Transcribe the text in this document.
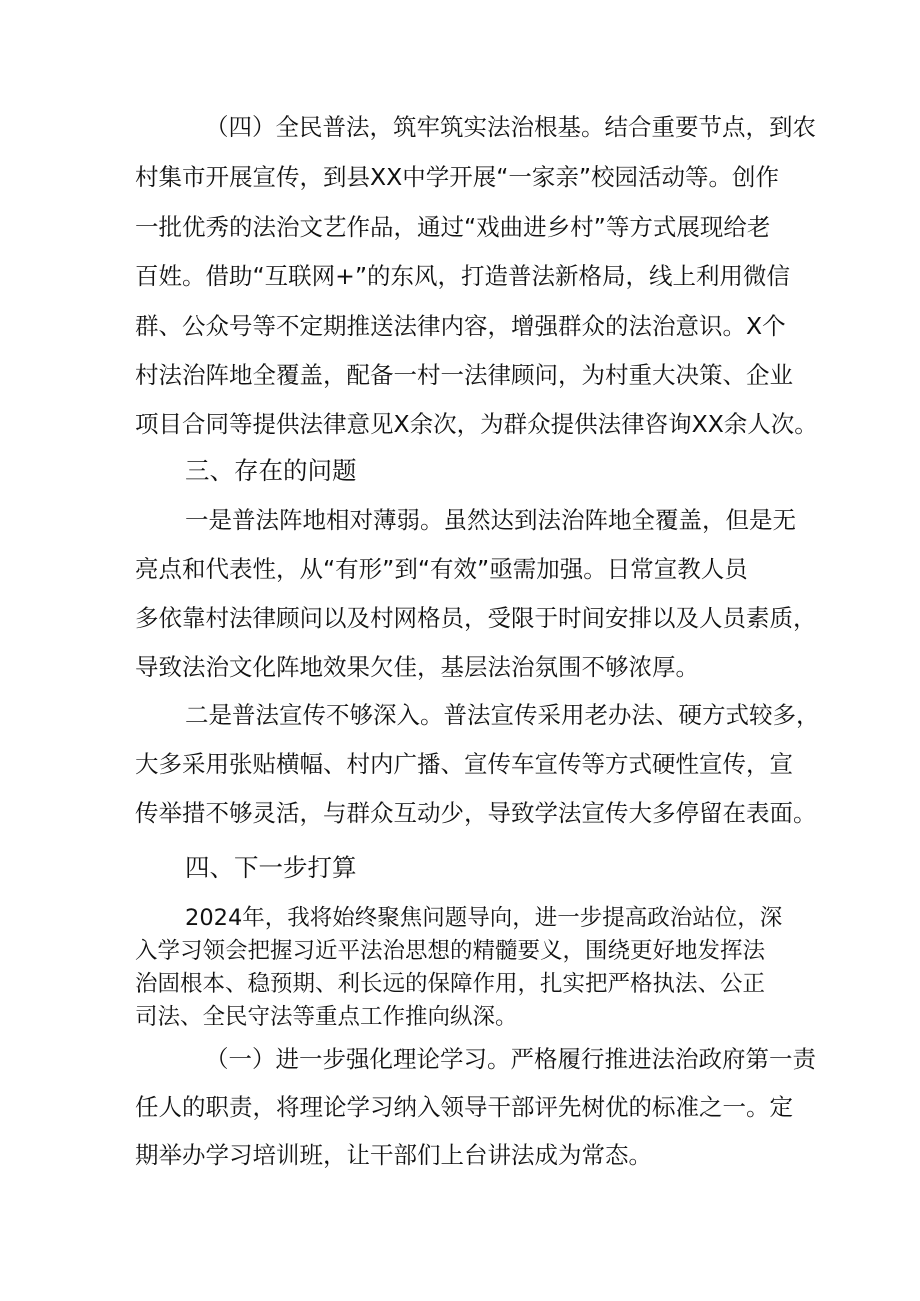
（四）全民普法，筑牢筑实法治根基。结合重要节点，到农
村集市开展宣传，到县XX中学开展“一家亲”校园活动等。创作
一批优秀的法治文艺作品，通过“戏曲进乡村”等方式展现给老
百姓。借助“互联网+”的东风，打造普法新格局，线上利用微信
群、公众号等不定期推送法律内容，增强群众的法治意识。X个
村法治阵地全覆盖，配备一村一法律顾问，为村重大决策、企业
项目合同等提供法律意见X余次，为群众提供法律咨询XX余人次。
三、存在的问题
一是普法阵地相对薄弱。虽然达到法治阵地全覆盖，但是无
亮点和代表性，从“有形”到“有效”亟需加强。日常宣教人员
多依靠村法律顾问以及村网格员，受限于时间安排以及人员素质，
导致法治文化阵地效果欠佳，基层法治氛围不够浓厚。
二是普法宣传不够深入。普法宣传采用老办法、硬方式较多，
大多采用张贴横幅、村内广播、宣传车宣传等方式硬性宣传，宣
传举措不够灵活，与群众互动少，导致学法宣传大多停留在表面。
四、下一步打算
2024年，我将始终聚焦问题导向，进一步提高政治站位，深
入学习领会把握习近平法治思想的精髓要义，围绕更好地发挥法
治固根本、稳预期、利长远的保障作用，扎实把严格执法、公正
司法、全民守法等重点工作推向纵深。
（一）进一步强化理论学习。严格履行推进法治政府第一责
任人的职责，将理论学习纳入领导干部评先树优的标准之一。定
期举办学习培训班，让干部们上台讲法成为常态。
